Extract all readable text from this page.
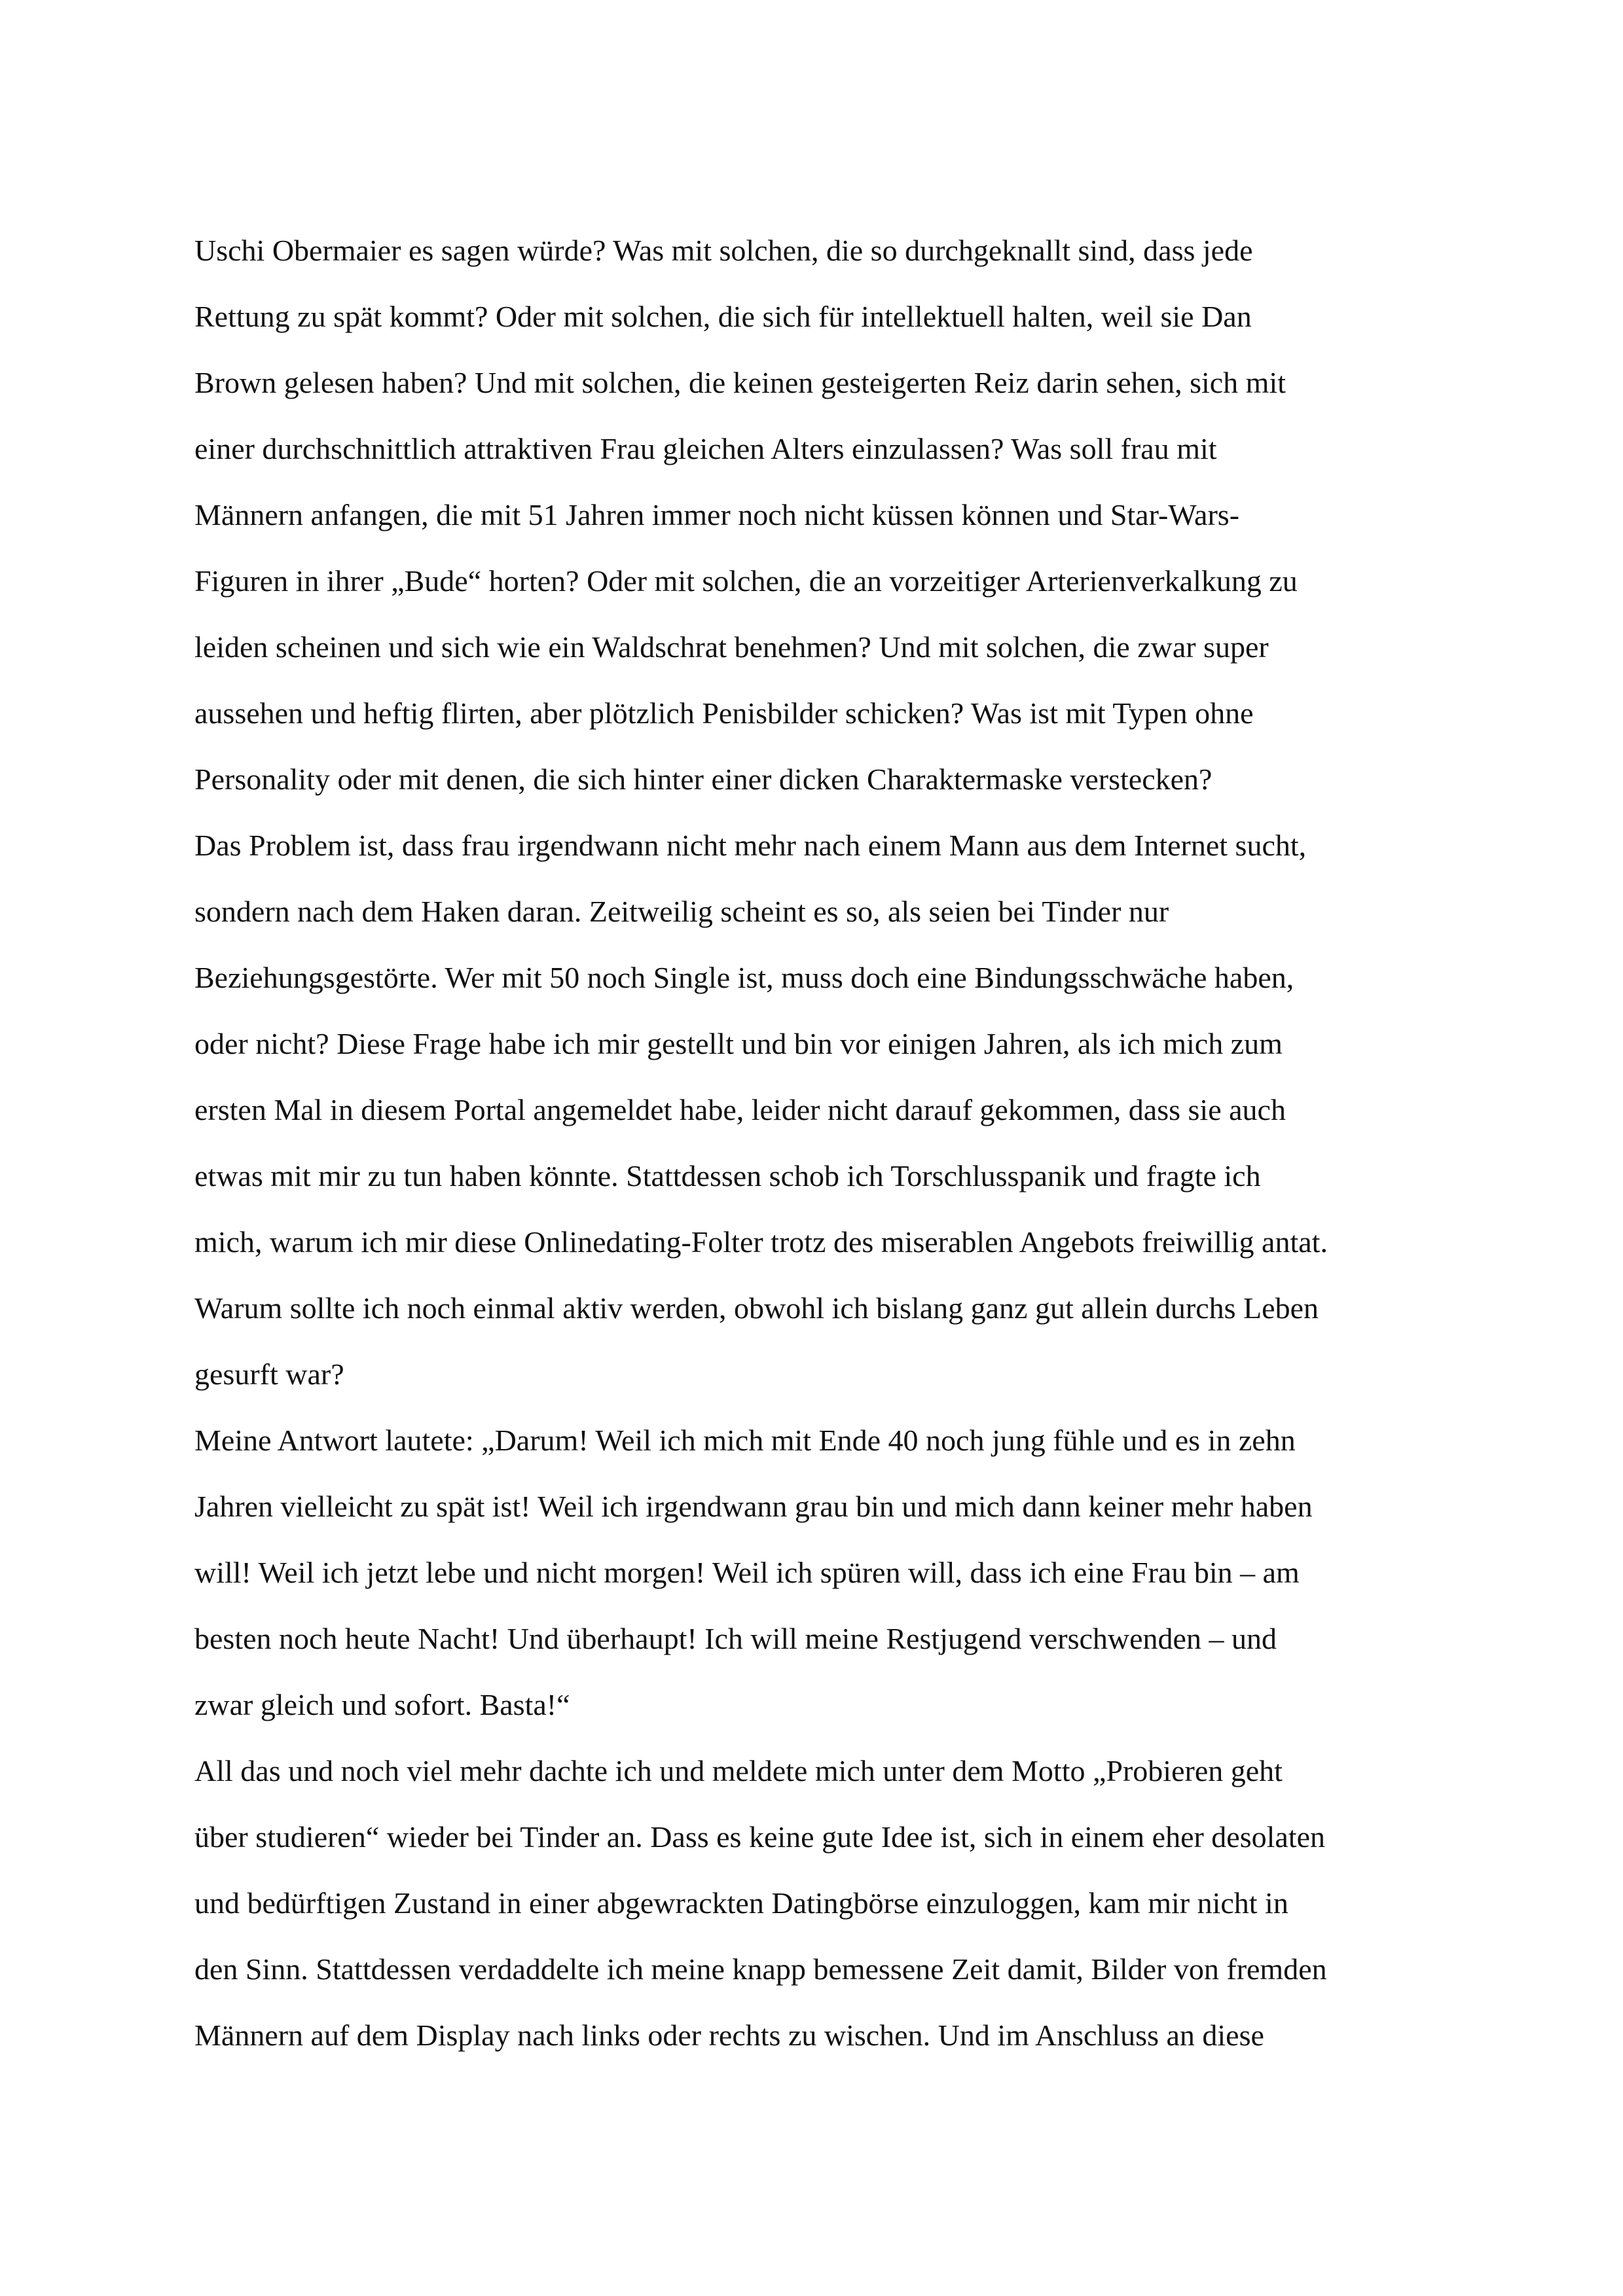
Uschi Obermaier es sagen würde? Was mit solchen, die so durchgeknallt sind, dass jede
Rettung zu spät kommt? Oder mit solchen, die sich für intellektuell halten, weil sie Dan
Brown gelesen haben? Und mit solchen, die keinen gesteigerten Reiz darin sehen, sich mit
einer durchschnittlich attraktiven Frau gleichen Alters einzulassen? Was soll frau mit
Männern anfangen, die mit 51 Jahren immer noch nicht küssen können und Star-Wars-
Figuren in ihrer „Bude“ horten? Oder mit solchen, die an vorzeitiger Arterienverkalkung zu
leiden scheinen und sich wie ein Waldschrat benehmen? Und mit solchen, die zwar super
aussehen und heftig flirten, aber plötzlich Penisbilder schicken? Was ist mit Typen ohne
Personality oder mit denen, die sich hinter einer dicken Charaktermaske verstecken?
Das Problem ist, dass frau irgendwann nicht mehr nach einem Mann aus dem Internet sucht,
sondern nach dem Haken daran. Zeitweilig scheint es so, als seien bei Tinder nur
Beziehungsgestörte. Wer mit 50 noch Single ist, muss doch eine Bindungsschwäche haben,
oder nicht? Diese Frage habe ich mir gestellt und bin vor einigen Jahren, als ich mich zum
ersten Mal in diesem Portal angemeldet habe, leider nicht darauf gekommen, dass sie auch
etwas mit mir zu tun haben könnte. Stattdessen schob ich Torschlusspanik und fragte ich
mich, warum ich mir diese Onlinedating-Folter trotz des miserablen Angebots freiwillig antat.
Warum sollte ich noch einmal aktiv werden, obwohl ich bislang ganz gut allein durchs Leben
gesurft war?
Meine Antwort lautete: „Darum! Weil ich mich mit Ende 40 noch jung fühle und es in zehn
Jahren vielleicht zu spät ist! Weil ich irgendwann grau bin und mich dann keiner mehr haben
will! Weil ich jetzt lebe und nicht morgen! Weil ich spüren will, dass ich eine Frau bin – am
besten noch heute Nacht! Und überhaupt! Ich will meine Restjugend verschwenden – und
zwar gleich und sofort. Basta!“
All das und noch viel mehr dachte ich und meldete mich unter dem Motto „Probieren geht
über studieren“ wieder bei Tinder an. Dass es keine gute Idee ist, sich in einem eher desolaten
und bedürftigen Zustand in einer abgewrackten Datingbörse einzuloggen, kam mir nicht in
den Sinn. Stattdessen verdaddelte ich meine knapp bemessene Zeit damit, Bilder von fremden
Männern auf dem Display nach links oder rechts zu wischen. Und im Anschluss an diese
